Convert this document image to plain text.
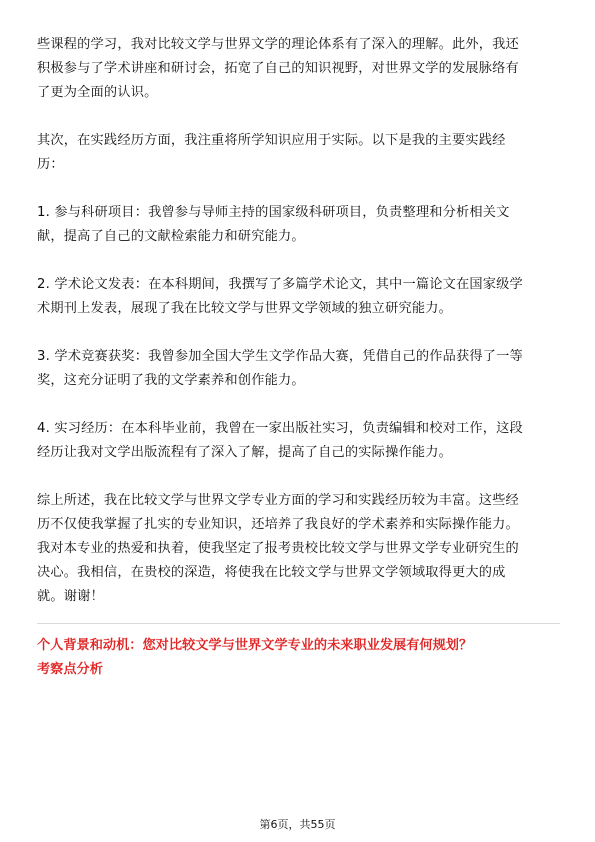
些课程的学习，我对比较文学与世界文学的理论体系有了深入的理解。此外，我还
积极参与了学术讲座和研讨会，拓宽了自己的知识视野，对世界文学的发展脉络有
了更为全面的认识。
其次，在实践经历方面，我注重将所学知识应用于实际。以下是我的主要实践经
历：
1. 参与科研项目：我曾参与导师主持的国家级科研项目，负责整理和分析相关文
献，提高了自己的文献检索能力和研究能力。
2. 学术论文发表：在本科期间，我撰写了多篇学术论文，其中一篇论文在国家级学
术期刊上发表，展现了我在比较文学与世界文学领域的独立研究能力。
3. 学术竞赛获奖：我曾参加全国大学生文学作品大赛，凭借自己的作品获得了一等
奖，这充分证明了我的文学素养和创作能力。
4. 实习经历：在本科毕业前，我曾在一家出版社实习，负责编辑和校对工作，这段
经历让我对文学出版流程有了深入了解，提高了自己的实际操作能力。
综上所述，我在比较文学与世界文学专业方面的学习和实践经历较为丰富。这些经
历不仅使我掌握了扎实的专业知识，还培养了我良好的学术素养和实际操作能力。
我对本专业的热爱和执着，使我坚定了报考贵校比较文学与世界文学专业研究生的
决心。我相信，在贵校的深造，将使我在比较文学与世界文学领域取得更大的成
就。谢谢！

个人背景和动机：您对比较文学与世界文学专业的未来职业发展有何规划？

考察点分析

第6页，共55页
